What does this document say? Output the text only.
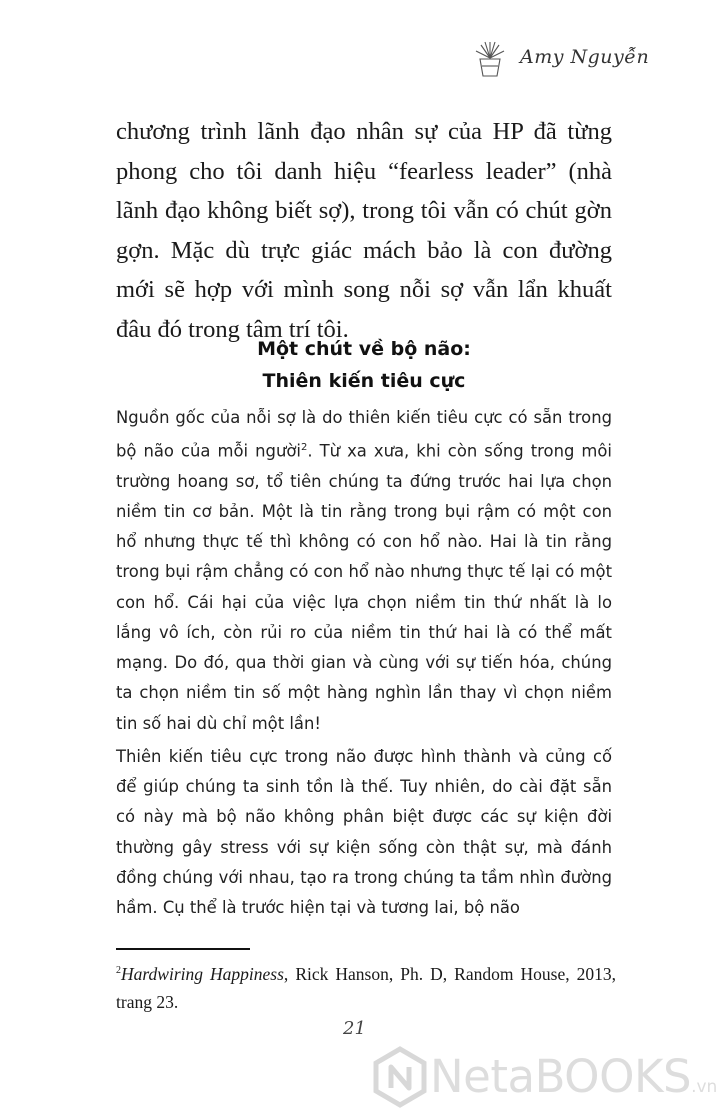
Amy Nguyễn

chương trình lãnh đạo nhân sự của HP đã từng phong cho tôi danh hiệu “fearless leader” (nhà lãnh đạo không biết sợ), trong tôi vẫn có chút gờn gợn. Mặc dù trực giác mách bảo là con đường mới sẽ hợp với mình song nỗi sợ vẫn lẩn khuất đâu đó trong tâm trí tôi.

Một chút về bộ não:
Thiên kiến tiêu cực

Nguồn gốc của nỗi sợ là do thiên kiến tiêu cực có sẵn trong bộ não của mỗi người$^2$. Từ xa xưa, khi còn sống trong môi trường hoang sơ, tổ tiên chúng ta đứng trước hai lựa chọn niềm tin cơ bản. Một là tin rằng trong bụi rậm có một con hổ nhưng thực tế thì không có con hổ nào. Hai là tin rằng trong bụi rậm chẳng có con hổ nào nhưng thực tế lại có một con hổ. Cái hại của việc lựa chọn niềm tin thứ nhất là lo lắng vô ích, còn rủi ro của niềm tin thứ hai là có thể mất mạng. Do đó, qua thời gian và cùng với sự tiến hóa, chúng ta chọn niềm tin số một hàng nghìn lần thay vì chọn niềm tin số hai dù chỉ một lần!

Thiên kiến tiêu cực trong não được hình thành và củng cố để giúp chúng ta sinh tồn là thế. Tuy nhiên, do cài đặt sẵn có này mà bộ não không phân biệt được các sự kiện đời thường gây stress với sự kiện sống còn thật sự, mà đánh đồng chúng với nhau, tạo ra trong chúng ta tầm nhìn đường hầm. Cụ thể là trước hiện tại và tương lai, bộ não

$^2$Hardwiring Happiness, Rick Hanson, Ph. D, Random House, 2013, trang 23.

21
NetaBOOKS.vn
